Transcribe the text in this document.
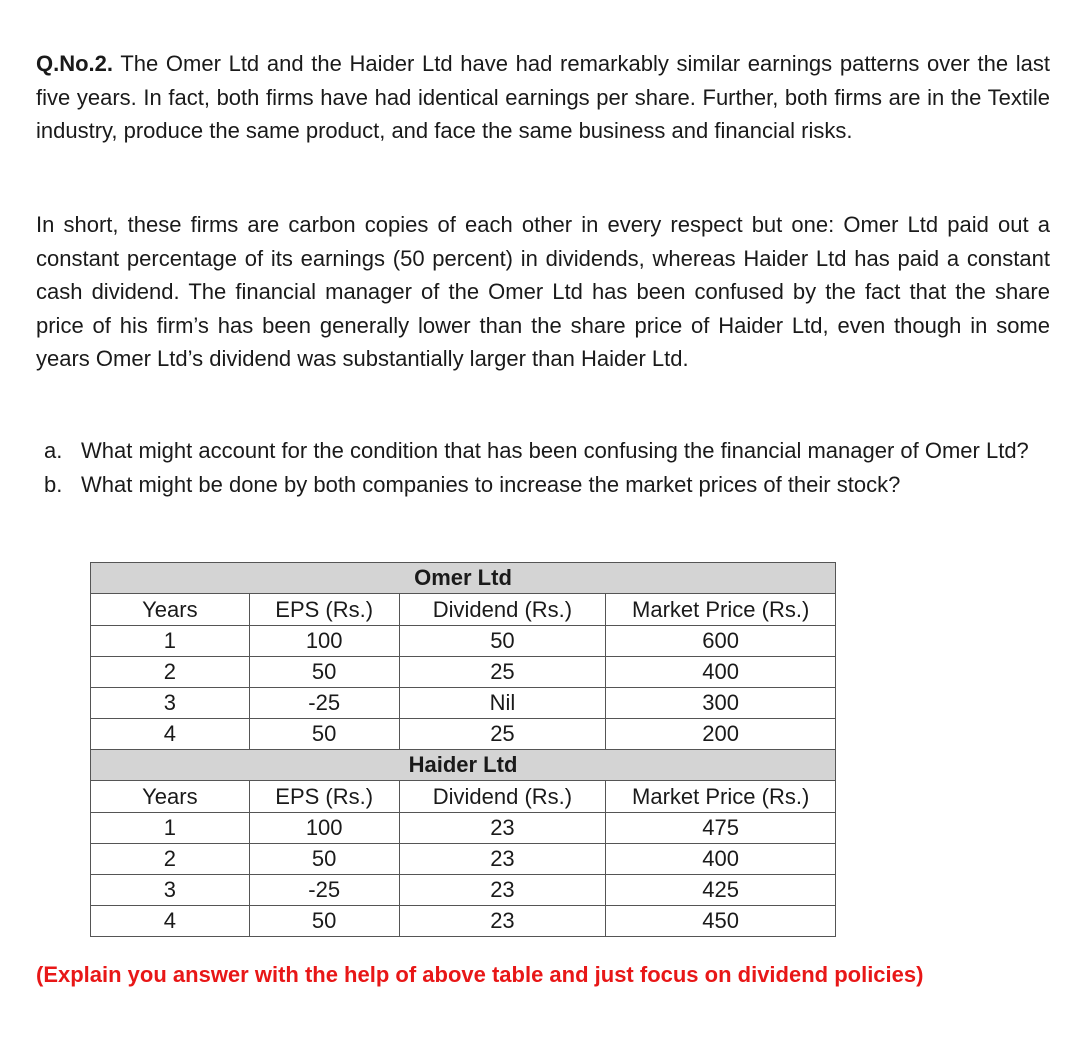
Q.No.2. The Omer Ltd and the Haider Ltd have had remarkably similar earnings patterns over the last five years. In fact, both firms have had identical earnings per share. Further, both firms are in the Textile industry, produce the same product, and face the same business and financial risks.

In short, these firms are carbon copies of each other in every respect but one: Omer Ltd paid out a constant percentage of its earnings (50 percent) in dividends, whereas Haider Ltd has paid a constant cash dividend. The financial manager of the Omer Ltd has been confused by the fact that the share price of his firm’s has been generally lower than the share price of Haider Ltd, even though in some years Omer Ltd’s dividend was substantially larger than Haider Ltd.

a. What might account for the condition that has been confusing the financial manager of Omer Ltd?
b. What might be done by both companies to increase the market prices of their stock?
Omer Ltd			
Years	EPS (Rs.)	Dividend (Rs.)	Market Price (Rs.)
1	100	50	600
2	50	25	400
3	-25	Nil	300
4	50	25	200
Haider Ltd			
Years	EPS (Rs.)	Dividend (Rs.)	Market Price (Rs.)
1	100	23	475
2	50	23	400
3	-25	23	425
4	50	23	450

(Explain you answer with the help of above table and just focus on dividend policies)
